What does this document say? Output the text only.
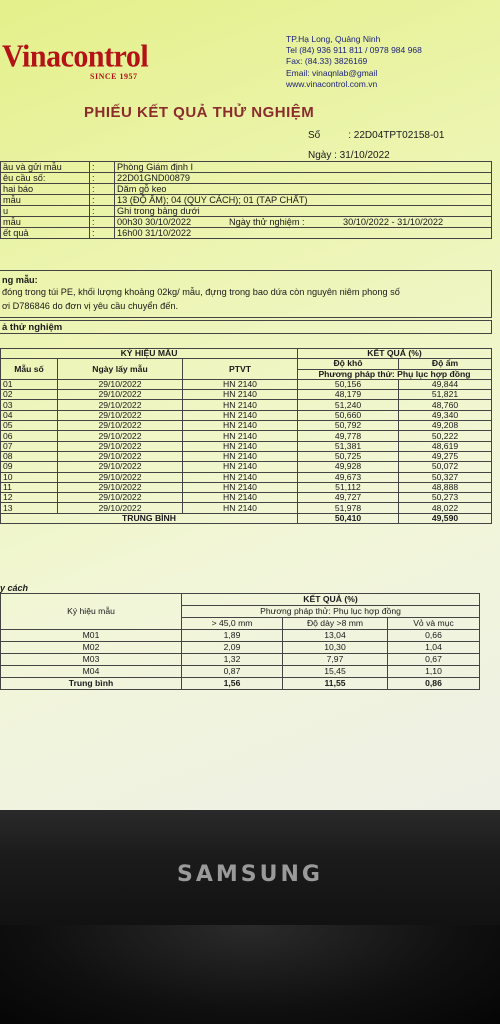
Vinacontrol
SINCE 1957
TP.Hạ Long, Quảng Ninh
Tel (84) 936 911 811 / 0978 984 968
Fax: (84.33) 3826169
Email: vinaqnlab@gmail
www.vinacontrol.com.vn
PHIẾU KẾT QUẢ THỬ NGHIỆM
Số	: 22D04TPT02158-01
Ngày : 31/10/2022
ầu và gửi mẫu	:	Phòng Giám định I
êu cầu số:	:	22D01GND00879
hai báo	:	Dăm gỗ keo
mẫu	:	13 (ĐỘ ẨM); 04 (QUY CÁCH); 01 (TẠP CHẤT)
u	:	Ghi trong bảng dưới
mẫu	:	00h30 30/10/2022 Ngày thử nghiệm : 30/10/2022 - 31/10/2022
ết quả	:	16h00 31/10/2022
ng mẫu:
đóng trong túi PE, khối lượng khoảng 02kg/ mẫu, đựng trong bao dứa còn nguyên niêm phong số
ơi D786846 do đơn vị yêu cầu chuyển đến.
ả thử nghiệm
KÝ HIỆU MẪU			KẾT QUẢ (%)	
Mẫu số	Ngày lấy mẫu	PTVT	Độ khô	Độ ẩm
			Phương pháp thử: Phụ lục hợp đồng	
01	29/10/2022	HN 2140	50,156	49,844
02	29/10/2022	HN 2140	48,179	51,821
03	29/10/2022	HN 2140	51,240	48,760
04	29/10/2022	HN 2140	50,660	49,340
05	29/10/2022	HN 2140	50,792	49,208
06	29/10/2022	HN 2140	49,778	50,222
07	29/10/2022	HN 2140	51,381	48,619
08	29/10/2022	HN 2140	50,725	49,275
09	29/10/2022	HN 2140	49,928	50,072
10	29/10/2022	HN 2140	49,673	50,327
11	29/10/2022	HN 2140	51,112	48,888
12	29/10/2022	HN 2140	49,727	50,273
13	29/10/2022	HN 2140	51,978	48,022
TRUNG BÌNH			50,410	49,590
y cách
Ký hiệu mẫu	KẾT QUẢ (%)		
	Phương pháp thử: Phụ lục hợp đồng		
	> 45,0 mm	Độ dày >8 mm	Vỏ và mục
M01	1,89	13,04	0,66
M02	2,09	10,30	1,04
M03	1,32	7,97	0,67
M04	0,87	15,45	1,10
Trung bình	1,56	11,55	0,86
SAMSUNG
